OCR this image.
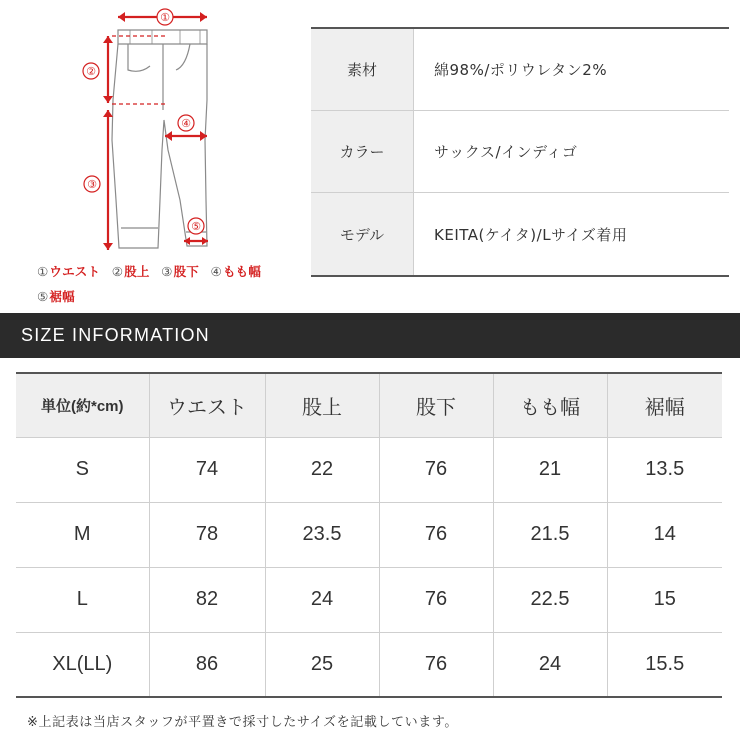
①
②
③
④
⑤
①ウエスト ②股上 ③股下 ④もも幅
⑤裾幅
素材	綿98%/ポリウレタン2%
カラー	サックス/インディゴ
モデル	KEITA(ケイタ)/Lサイズ着用
SIZE INFORMATION
単位(約*cm)	ウエスト	股上	股下	もも幅	裾幅
S	74	22	76	21	13.5
M	78	23.5	76	21.5	14
L	82	24	76	22.5	15
XL(LL)	86	25	76	24	15.5
※上記表は当店スタッフが平置きで採寸したサイズを記載しています。
